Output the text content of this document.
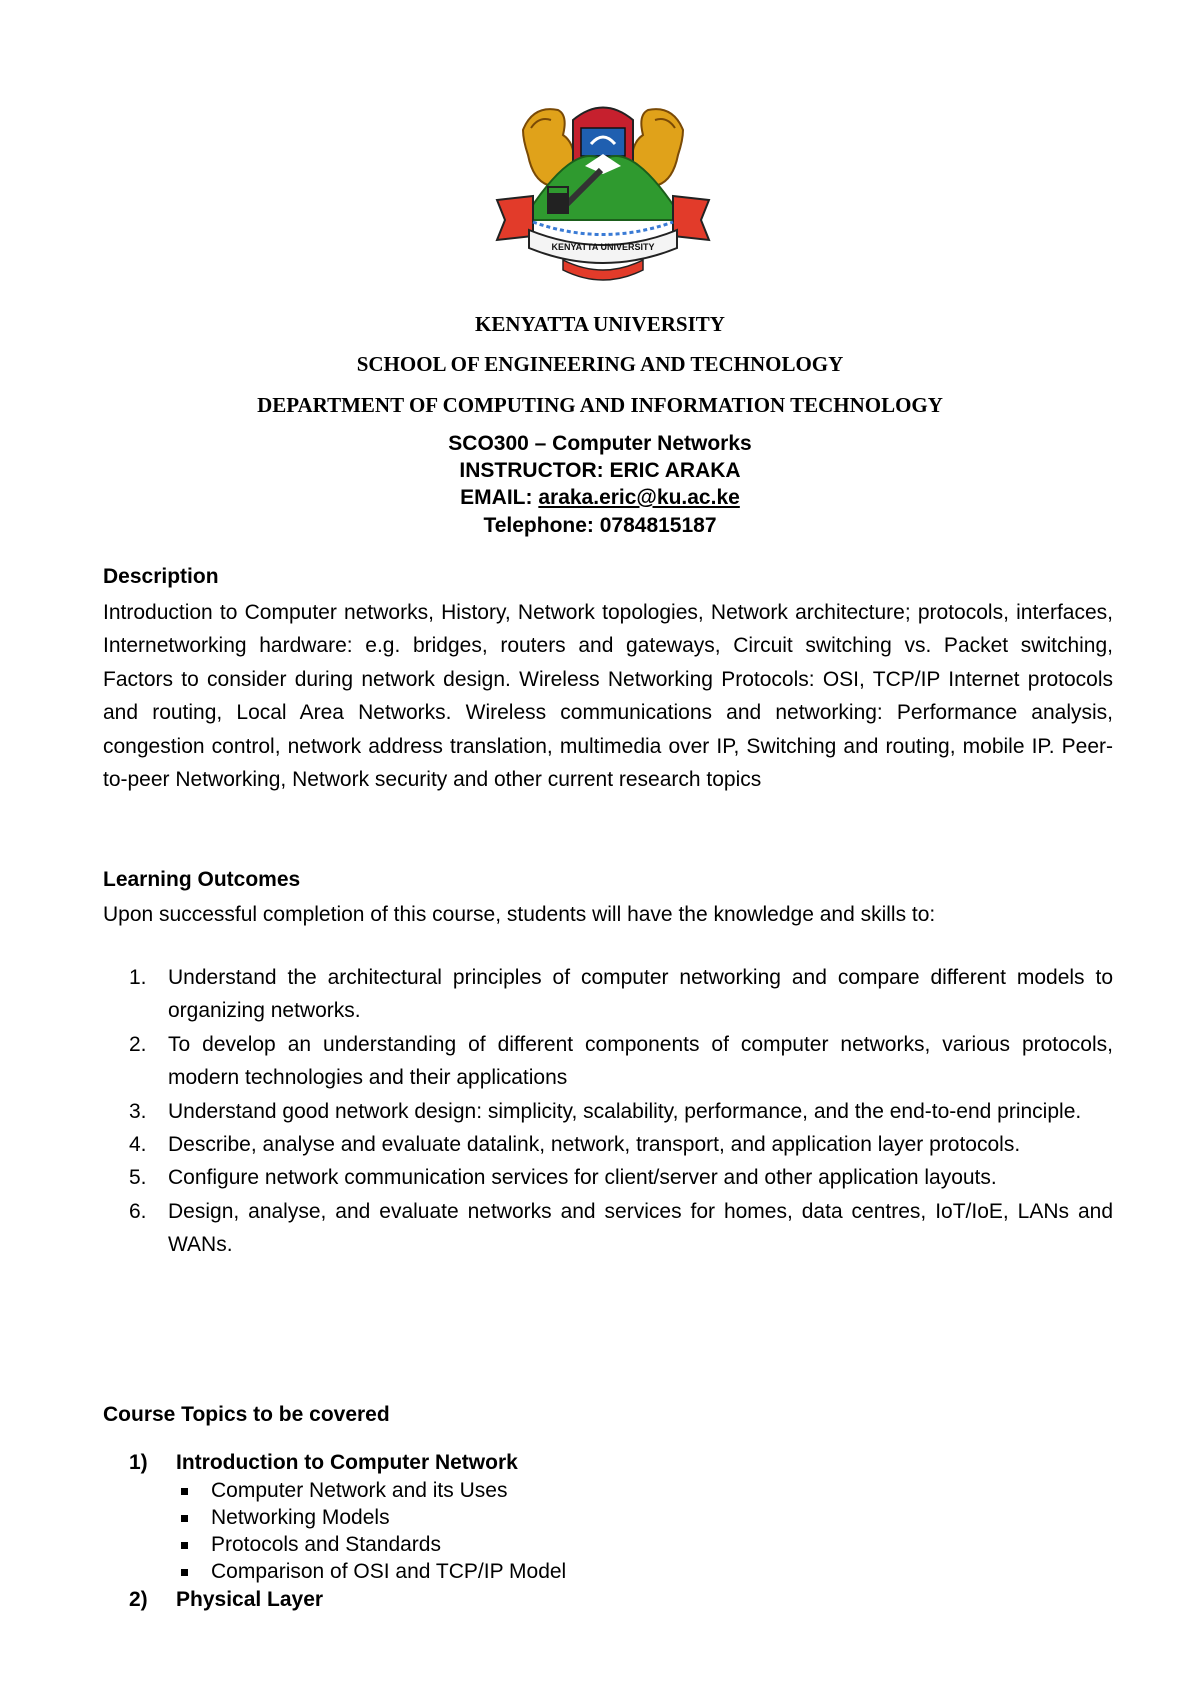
KENYATTA UNIVERSITY
KENYATTA UNIVERSITY
SCHOOL OF ENGINEERING AND TECHNOLOGY
DEPARTMENT OF COMPUTING AND INFORMATION TECHNOLOGY
SCO300 – Computer Networks
INSTRUCTOR: ERIC ARAKA
EMAIL: araka.eric@ku.ac.ke
Telephone: 0784815187
Description
Introduction to Computer networks, History, Network topologies, Network architecture; protocols, interfaces, Internetworking hardware: e.g. bridges, routers and gateways, Circuit switching vs. Packet switching, Factors to consider during network design. Wireless Networking Protocols: OSI, TCP/IP Internet protocols and routing, Local Area Networks. Wireless communications and networking: Performance analysis, congestion control, network address translation, multimedia over IP, Switching and routing, mobile IP. Peer-to-peer Networking, Network security and other current research topics
Learning Outcomes
Upon successful completion of this course, students will have the knowledge and skills to:
1. Understand the architectural principles of computer networking and compare different models to organizing networks.
2. To develop an understanding of different components of computer networks, various protocols, modern technologies and their applications
3. Understand good network design: simplicity, scalability, performance, and the end-to-end principle.
4. Describe, analyse and evaluate datalink, network, transport, and application layer protocols.
5. Configure network communication services for client/server and other application layouts.
6. Design, analyse, and evaluate networks and services for homes, data centres, IoT/IoE, LANs and WANs.
Course Topics to be covered
1) Introduction to Computer Network
Computer Network and its Uses
Networking Models
Protocols and Standards
Comparison of OSI and TCP/IP Model
2) Physical Layer
